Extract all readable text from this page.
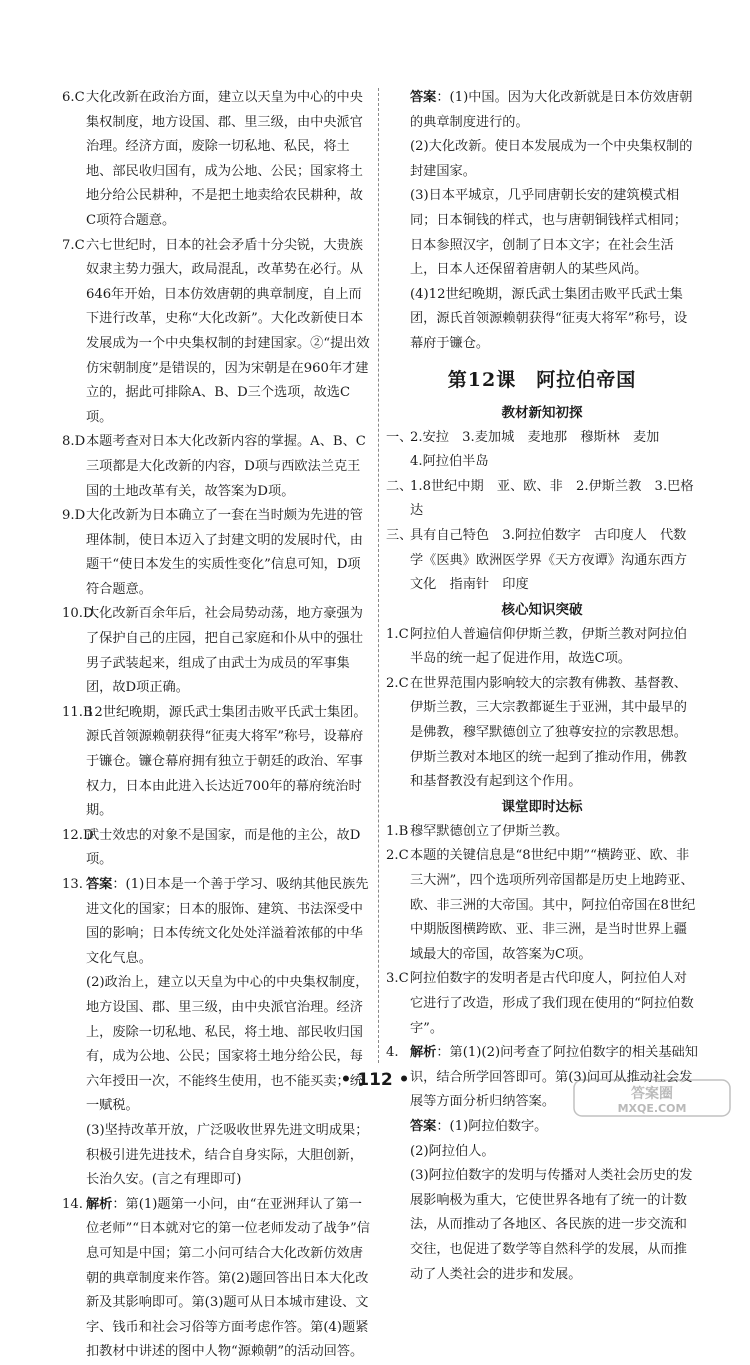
6.C 大化改新在政治方面，建立以天皇为中心的中央集权制度，地方设国、郡、里三级，由中央派官治理。经济方面，废除一切私地、私民，将土地、部民收归国有，成为公地、公民；国家将土地分给公民耕种，不是把土地卖给农民耕种，故C项符合题意。
7.C 六七世纪时，日本的社会矛盾十分尖锐，大贵族奴隶主势力强大，政局混乱，改革势在必行。从646年开始，日本仿效唐朝的典章制度，自上而下进行改革，史称“大化改新”。大化改新使日本发展成为一个中央集权制的封建国家。②“提出效仿宋朝制度”是错误的，因为宋朝是在960年才建立的，据此可排除A、B、D三个选项，故选C项。
8.D 本题考查对日本大化改新内容的掌握。A、B、C三项都是大化改新的内容，D项与西欧法兰克王国的土地改革有关，故答案为D项。
9.D 大化改新为日本确立了一套在当时颇为先进的管理体制，使日本迈入了封建文明的发展时代，由题干“使日本发生的实质性变化”信息可知，D项符合题意。
10.D
大化改新百余年后，社会局势动荡，地方豪强为了保护自己的庄园，把自己家庭和仆从中的强壮男子武装起来，组成了由武士为成员的军事集团，故D项正确。
11.B
12世纪晚期，源氏武士集团击败平氏武士集团。源氏首领源赖朝获得“征夷大将军”称号，设幕府于镰仓。镰仓幕府拥有独立于朝廷的政治、军事权力，日本由此进入长达近700年的幕府统治时期。
12.D
武士效忠的对象不是国家，而是他的主公，故D项。
13. 答案：(1)日本是一个善于学习、吸纳其他民族先进文化的国家；日本的服饰、建筑、书法深受中国的影响；日本传统文化处处洋溢着浓郁的中华文化气息。
(2)政治上，建立以天皇为中心的中央集权制度，地方设国、郡、里三级，由中央派官治理。经济上，废除一切私地、私民，将土地、部民收归国有，成为公地、公民；国家将土地分给公民，每六年授田一次，不能终生使用，也不能买卖；统一赋税。
(3)坚持改革开放，广泛吸收世界先进文明成果；积极引进先进技术，结合自身实际，大胆创新，长治久安。(言之有理即可)
14. 解析：第(1)题第一小问，由“在亚洲拜认了第一位老师”“日本就对它的第一位老师发动了战争”信息可知是中国；第二小问可结合大化改新仿效唐朝的典章制度来作答。第(2)题回答出日本大化改新及其影响即可。第(3)题可从日本城市建设、文字、钱币和社会习俗等方面考虑作答。第(4)题紧扣教材中讲述的图中人物“源赖朝”的活动回答。
答案：(1)中国。因为大化改新就是日本仿效唐朝的典章制度进行的。
(2)大化改新。使日本发展成为一个中央集权制的封建国家。
(3)日本平城京，几乎同唐朝长安的建筑模式相同；日本铜钱的样式，也与唐朝铜钱样式相同；日本参照汉字，创制了日本文字；在社会生活上，日本人还保留着唐朝人的某些风尚。
(4)12世纪晚期，源氏武士集团击败平氏武士集团，源氏首领源赖朝获得“征夷大将军”称号，设幕府于镰仓。
第12课　阿拉伯帝国
教材新知初探
一、
2.安拉　3.麦加城　麦地那　穆斯林　麦加
4.阿拉伯半岛
二、
1.8世纪中期　亚、欧、非　2.伊斯兰教　3.巴格达
三、
具有自己特色　3.阿拉伯数字　古印度人　代数学《医典》欧洲医学界《天方夜谭》沟通东西方文化　指南针　印度
核心知识突破
1.C 阿拉伯人普遍信仰伊斯兰教，伊斯兰教对阿拉伯半岛的统一起了促进作用，故选C项。
2.C 在世界范围内影响较大的宗教有佛教、基督教、伊斯兰教，三大宗教都诞生于亚洲，其中最早的是佛教，穆罕默德创立了独尊安拉的宗教思想。伊斯兰教对本地区的统一起到了推动作用，佛教和基督教没有起到这个作用。
课堂即时达标
1.B 穆罕默德创立了伊斯兰教。
2.C 本题的关键信息是“8世纪中期”“横跨亚、欧、非三大洲”，四个选项所列帝国都是历史上地跨亚、欧、非三洲的大帝国。其中，阿拉伯帝国在8世纪中期版图横跨欧、亚、非三洲，是当时世界上疆域最大的帝国，故答案为C项。
3.C 阿拉伯数字的发明者是古代印度人，阿拉伯人对它进行了改造，形成了我们现在使用的“阿拉伯数字”。
4. 解析：第(1)(2)问考查了阿拉伯数字的相关基础知识，结合所学回答即可。第(3)问可从推动社会发展等方面分析归纳答案。
答案：(1)阿拉伯数字。
(2)阿拉伯人。
(3)阿拉伯数字的发明与传播对人类社会历史的发展影响极为重大，它使世界各地有了统一的计数法，从而推动了各地区、各民族的进一步交流和交往，也促进了数学等自然科学的发展，从而推动了人类社会的进步和发展。
• 112 •
答案圈
MXQE.COM
